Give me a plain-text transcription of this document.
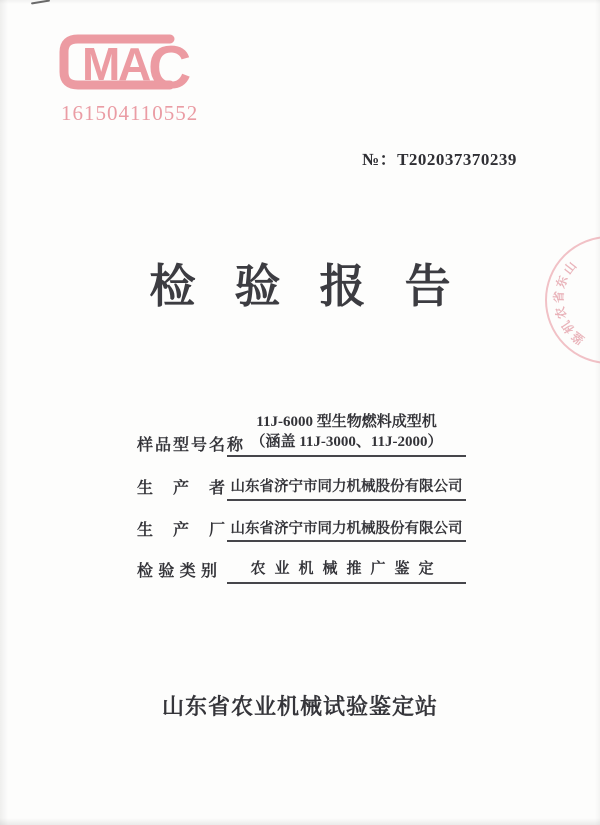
M
A
C
161504110552
№：T202037370239
检验报告
11J-6000 型生物燃料成型机
（涵盖 11J-3000、11J-2000）
样品型号名称
生产者 山东省济宁市同力机械股份有限公司
生产厂 山东省济宁市同力机械股份有限公司
检验类别	农业机械推广鉴定
山东省农业机械试验鉴定站
山
东
省
农
机
鉴
